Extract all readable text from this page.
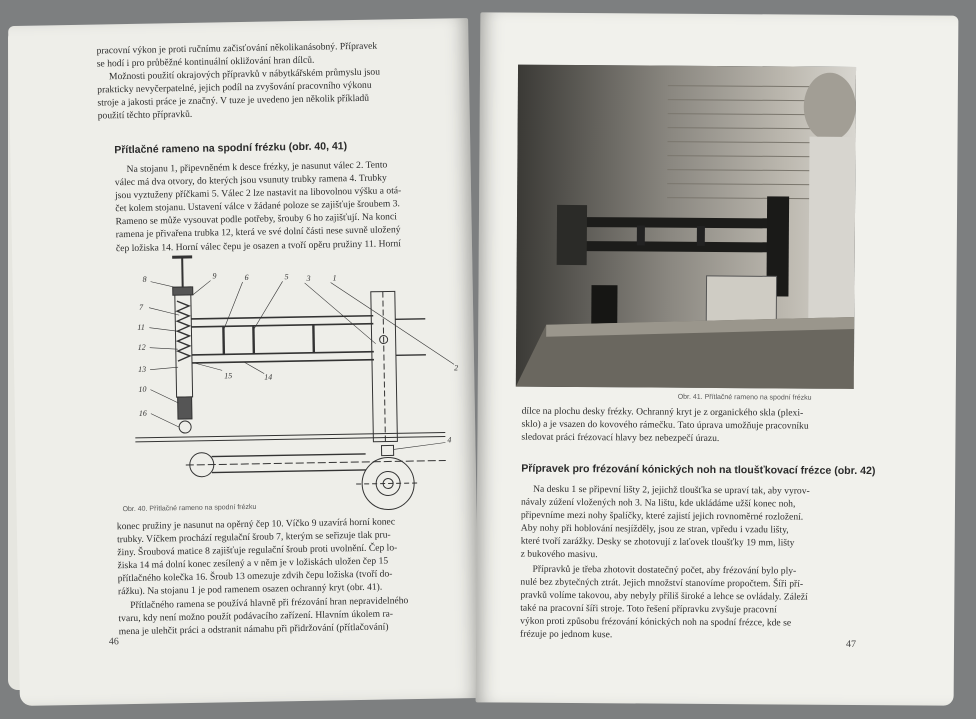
pracovní výkon je proti ručnímu začisťování několikanásobný. Přípravek

se hodí i pro průběžné kontinuální okližování hran dílců.

Možnosti použití okrajových přípravků v nábytkářském průmyslu jsou

prakticky nevyčerpatelné, jejich podíl na zvyšování pracovního výkonu

stroje a jakosti práce je značný. V tuze je uvedeno jen několik příkladů

použití těchto přípravků.

Přítlačné rameno na spodní frézku (obr. 40, 41)

Na stojanu 1, připevněném k desce frézky, je nasunut válec 2. Tento

válec má dva otvory, do kterých jsou vsunuty trubky ramena 4. Trubky

jsou vyztuženy příčkami 5. Válec 2 lze nastavit na libovolnou výšku a otá-

čet kolem stojanu. Ustavení válce v žádané poloze se zajišťuje šroubem 3.

Rameno se může vysouvat podle potřeby, šrouby 6 ho zajišťují. Na konci

ramena je přivařena trubka 12, která ve své dolní části nese suvně uložený

čep ložiska 14. Horní válec čepu je osazen a tvoří opěru pružiny 11. Horní

8	9	6	5 3	1
7
2
11
12
13
10
16
15	14
4
Obr. 40. Přítlačné rameno na spodní frézku

konec pružiny je nasunut na opěrný čep 10. Víčko 9 uzavírá horní konec

trubky. Víčkem prochází regulační šroub 7, kterým se seřizuje tlak pru-

žiny. Šroubová matice 8 zajišťuje regulační šroub proti uvolnění. Čep lo-

žiska 14 má dolní konec zesílený a v něm je v ložiskách uložen čep 15

přítlačného kolečka 16. Šroub 13 omezuje zdvih čepu ložiska (tvoří do-

rážku). Na stojanu 1 je pod ramenem osazen ochranný kryt (obr. 41).

Přítlačného ramena se používá hlavně při frézování hran nepravidelného

tvaru, kdy není možno použít podávacího zařízení. Hlavním úkolem ra-

mena je ulehčit práci a odstranit námahu při přidržování (přítlačování)

46
Obr. 41. Přítlačné rameno na spodní frézku

dílce na plochu desky frézky. Ochranný kryt je z organického skla (plexi-

sklo) a je vsazen do kovového rámečku. Tato úprava umožňuje pracovníku

sledovat práci frézovací hlavy bez nebezpečí úrazu.

Přípravek pro frézování kónických noh na tloušťkovací frézce (obr. 42)

Na desku 1 se připevní lišty 2, jejichž tloušťka se upraví tak, aby vyrov-

návaly zúžení vložených noh 3. Na lištu, kde ukládáme užší konec noh,

připevníme mezi nohy špalíčky, které zajistí jejich rovnoměrné rozložení.

Aby nohy při hoblování nesjížděly, jsou ze stran, vpředu i vzadu lišty,

které tvoří zarážky. Desky se zhotovují z laťovek tloušťky 19 mm, lišty

z bukového masivu.

Přípravků je třeba zhotovit dostatečný počet, aby frézování bylo ply-

nulé bez zbytečných ztrát. Jejich množství stanovíme propočtem. Šíři pří-

pravků volíme takovou, aby nebyly příliš široké a lehce se ovládaly. Záleží

také na pracovní šíři stroje. Toto řešení přípravku zvyšuje pracovní

výkon proti způsobu frézování kónických noh na spodní frézce, kde se

frézuje po jednom kuse.

47
